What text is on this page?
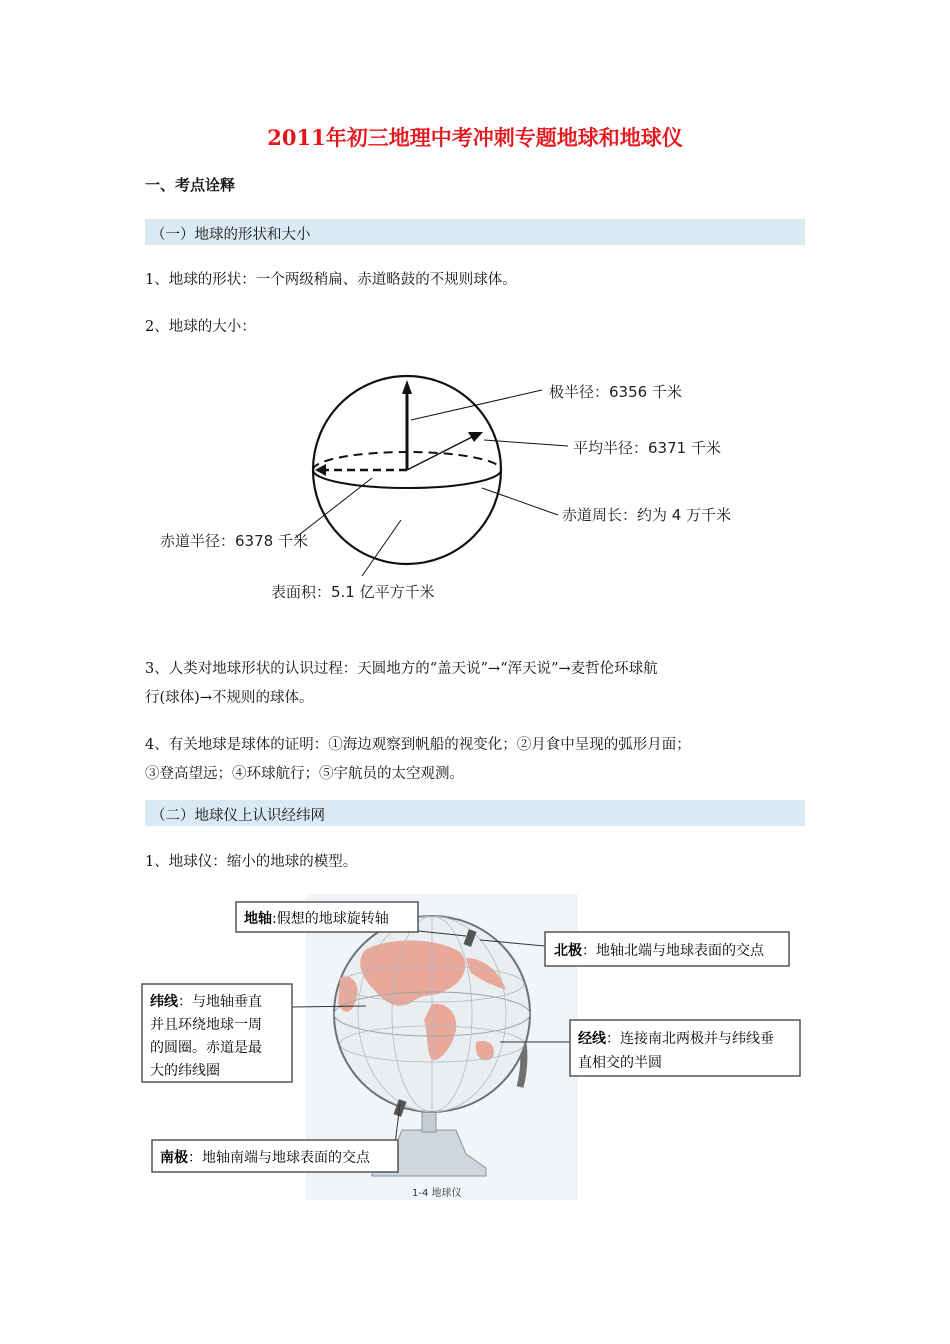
2011年初三地理中考冲刺专题地球和地球仪
一、考点诠释
（一）地球的形状和大小
1、地球的形状：一个两级稍扁、赤道略鼓的不规则球体。
2、地球的大小：
极半径：6356 千米
平均半径：6371 千米
赤道周长：约为 4 万千米
赤道半径：6378 千米
表面积：5.1 亿平方千米
3、人类对地球形状的认识过程：天圆地方的“盖天说”→“浑天说”→麦哲伦环球航
行(球体)→不规则的球体。
4、有关地球是球体的证明：①海边观察到帆船的视变化；②月食中呈现的弧形月面；
③登高望远；④环球航行；⑤宇航员的太空观测。
（二）地球仪上认识经纬网
1、地球仪：缩小的地球的模型。
地轴:假想的地球旋转轴
北极：地轴北端与地球表面的交点
纬线：与地轴垂直
并且环绕地球一周
的圆圈。赤道是最
大的纬线圈
经线：连接南北两极并与纬线垂
直相交的半圆
南极：地轴南端与地球表面的交点
1-4 地球仪
